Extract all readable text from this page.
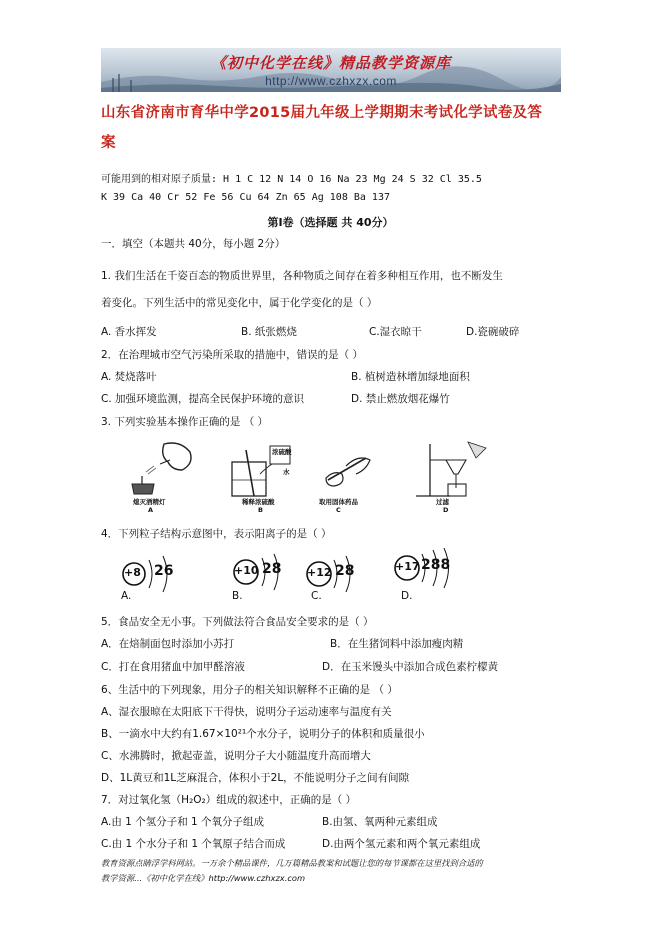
《初中化学在线》精品教学资源库
http://www.czhxzx.com
山东省济南市育华中学2015届九年级上学期期末考试化学试卷及答
案
可能用到的相对原子质量: H 1 C 12 N 14 O 16 Na 23 Mg 24 S 32 Cl 35.5
K 39 Ca 40 Cr 52 Fe 56 Cu 64 Zn 65 Ag 108 Ba 137
第Ⅰ卷（选择题 共 40分）
一．填空（本题共 40分，每小题 2分）
1. 我们生活在千姿百态的物质世界里，各种物质之间存在着多种相互作用，也不断发生
着变化。下列生活中的常见变化中，属于化学变化的是（ ）
A. 香水挥发	B. 纸张燃烧	C.湿衣晾干	D.瓷碗破碎
2．在治理城市空气污染所采取的措施中，错误的是（ ）
A. 焚烧落叶	B. 植树造林增加绿地面积
C. 加强环境监测，提高全民保护环境的意识	D. 禁止燃放烟花爆竹
3. 下列实验基本操作正确的是 （ ）
熄灭酒精灯	稀释浓硫酸	取用固体药品	过滤
浓硫酸
水
A	B	C	D
4．下列粒子结构示意图中，表示阳离子的是（ ）
+8 26
A.
+10 28
B.
+12 28
C.
+17 288
D.
5．食品安全无小事。下列做法符合食品安全要求的是（ ）
A．在焙制面包时添加小苏打	B．在生猪饲料中添加瘦肉精
C．打在食用猪血中加甲醛溶液	D．在玉米馒头中添加合成色素柠檬黄
6、生活中的下列现象，用分子的相关知识解释不正确的是 （ ）
A、湿衣服晾在太阳底下干得快，说明分子运动速率与温度有关
B、一滴水中大约有1.67×10²¹个水分子，说明分子的体积和质量很小
C、水沸腾时，掀起壶盖，说明分子大小随温度升高而增大
D、1L黄豆和1L芝麻混合，体积小于2L，不能说明分子之间有间隙
7．对过氧化氢（H₂O₂）组成的叙述中，正确的是（ ）
A.由 1 个氢分子和 1 个氧分子组成	B.由氢、氧两种元素组成
C.由 1 个水分子和 1 个氧原子结合而成	D.由两个氢元素和两个氧元素组成
教育资源点睛浮学科网站。一万余个精品课件，几万篇精品教案和试题让您的每节课都在这里找到合适的
教学资源...《初中化学在线》http://www.czhxzx.com
